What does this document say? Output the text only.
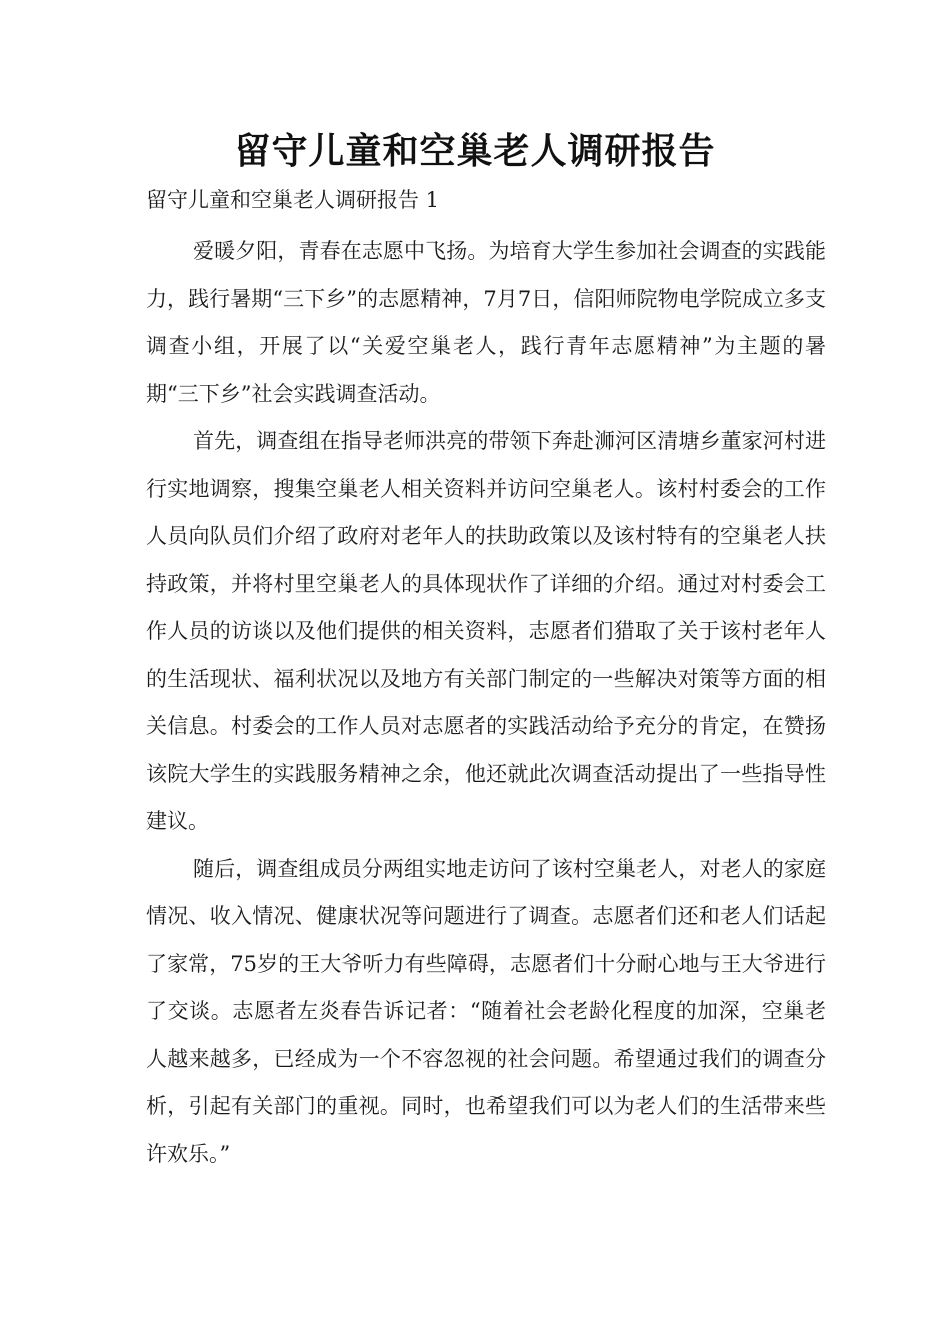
留守儿童和空巢老人调研报告

留守儿童和空巢老人调研报告 1

爱暖夕阳，青春在志愿中飞扬。为培育大学生参加社会调查的实践能力，践行暑期“三下乡”的志愿精神，7月7日，信阳师院物电学院成立多支调查小组，开展了以“关爱空巢老人，践行青年志愿精神”为主题的暑期“三下乡”社会实践调查活动。

首先，调查组在指导老师洪亮的带领下奔赴浉河区清塘乡董家河村进行实地调察，搜集空巢老人相关资料并访问空巢老人。该村村委会的工作人员向队员们介绍了政府对老年人的扶助政策以及该村特有的空巢老人扶持政策，并将村里空巢老人的具体现状作了详细的介绍。通过对村委会工作人员的访谈以及他们提供的相关资料，志愿者们猎取了关于该村老年人的生活现状、福利状况以及地方有关部门制定的一些解决对策等方面的相关信息。村委会的工作人员对志愿者的实践活动给予充分的肯定，在赞扬该院大学生的实践服务精神之余，他还就此次调查活动提出了一些指导性建议。

随后，调查组成员分两组实地走访问了该村空巢老人，对老人的家庭情况、收入情况、健康状况等问题进行了调查。志愿者们还和老人们话起了家常，75岁的王大爷听力有些障碍，志愿者们十分耐心地与王大爷进行了交谈。志愿者左炎春告诉记者：“随着社会老龄化程度的加深，空巢老人越来越多，已经成为一个不容忽视的社会问题。希望通过我们的调查分析，引起有关部门的重视。同时，也希望我们可以为老人们的生活带来些许欢乐。”
